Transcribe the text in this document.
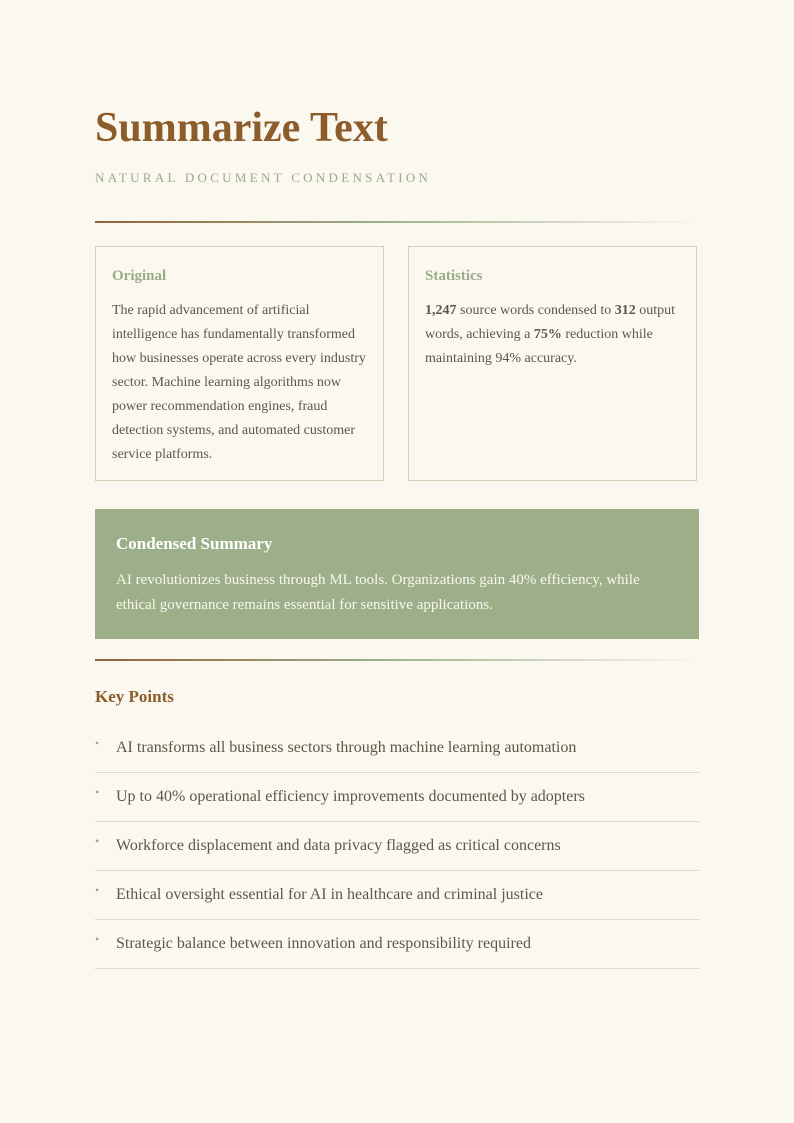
Summarize Text
NATURAL DOCUMENT CONDENSATION
Original
The rapid advancement of artificial intelligence has fundamentally transformed how businesses operate across every industry sector. Machine learning algorithms now power recommendation engines, fraud detection systems, and automated customer service platforms.
Statistics
1,247 source words condensed to 312 output words, achieving a 75% reduction while maintaining 94% accuracy.
Condensed Summary
AI revolutionizes business through ML tools. Organizations gain 40% efficiency, while ethical governance remains essential for sensitive applications.
Key Points
• AI transforms all business sectors through machine learning automation
• Up to 40% operational efficiency improvements documented by adopters
• Workforce displacement and data privacy flagged as critical concerns
• Ethical oversight essential for AI in healthcare and criminal justice
• Strategic balance between innovation and responsibility required
